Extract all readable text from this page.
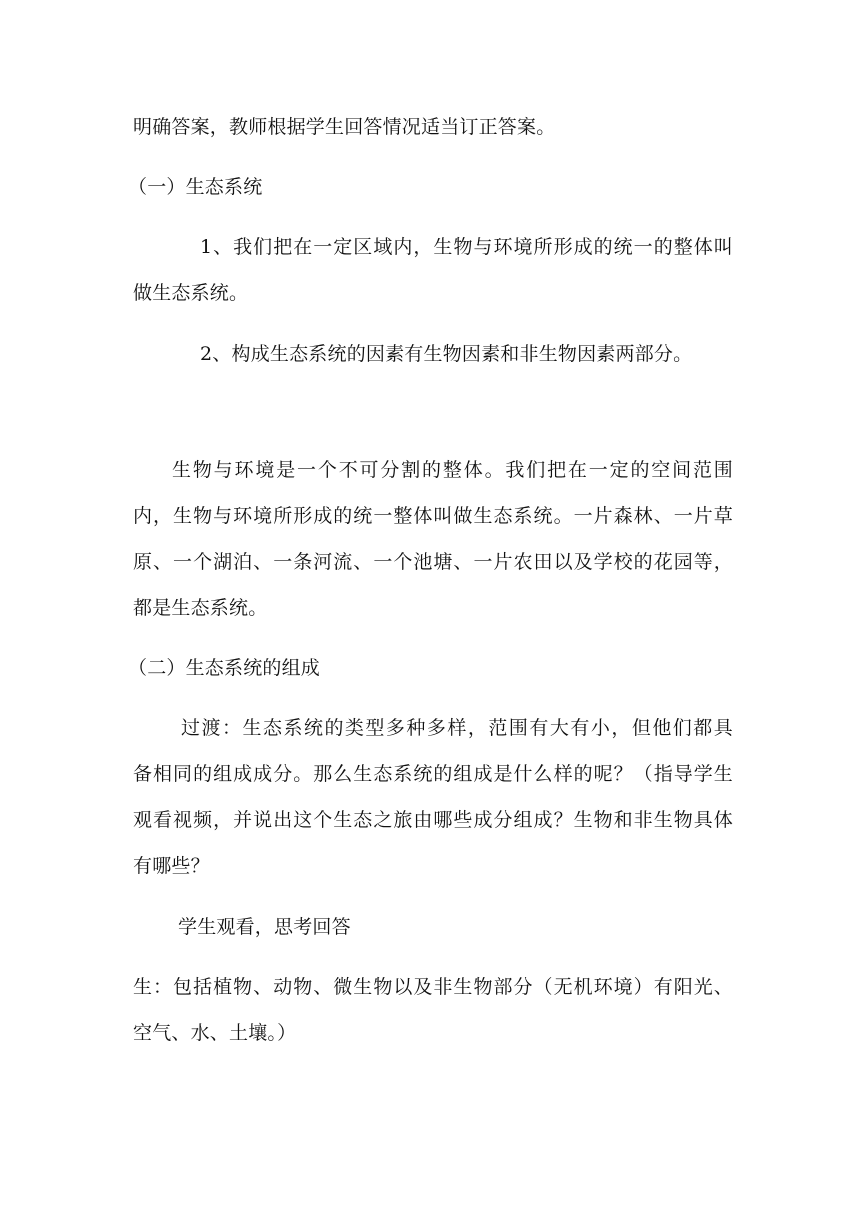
明确答案，教师根据学生回答情况适当订正答案。
（一）生态系统
1、我们把在一定区域内，生物与环境所形成的统一的整体叫
做生态系统。
2、构成生态系统的因素有生物因素和非生物因素两部分。
生物与环境是一个不可分割的整体。我们把在一定的空间范围
内，生物与环境所形成的统一整体叫做生态系统。一片森林、一片草
原、一个湖泊、一条河流、一个池塘、一片农田以及学校的花园等，
都是生态系统。
（二）生态系统的组成
过渡：生态系统的类型多种多样，范围有大有小，但他们都具
备相同的组成成分。那么生态系统的组成是什么样的呢？（指导学生
观看视频，并说出这个生态之旅由哪些成分组成？生物和非生物具体
有哪些？
学生观看，思考回答
生：包括植物、动物、微生物以及非生物部分（无机环境）有阳光、
空气、水、土壤。）
